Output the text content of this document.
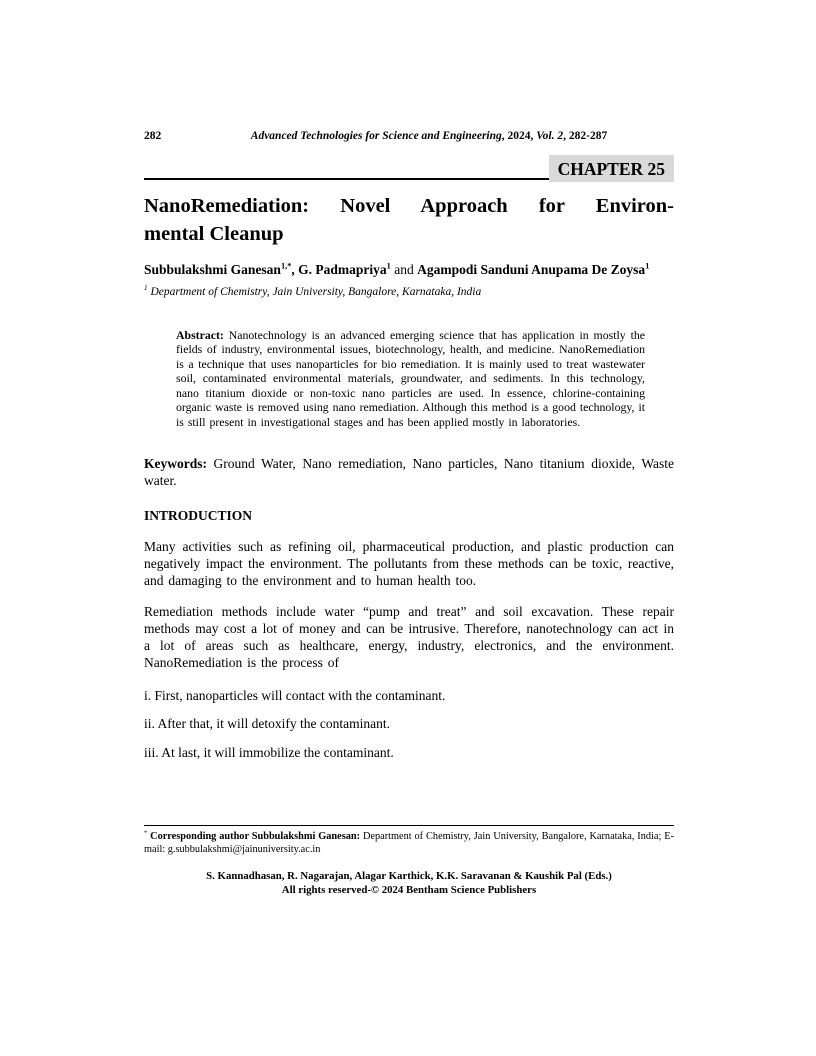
282	Advanced Technologies for Science and Engineering, 2024, Vol. 2, 282-287
CHAPTER 25
NanoRemediation: Novel Approach for Environ-
mental Cleanup
Subbulakshmi Ganesan$^{1,*}$, G. Padmapriya$^1$ and Agampodi Sanduni Anupama De Zoysa$^1$
$^1$ Department of Chemistry, Jain University, Bangalore, Karnataka, India
Abstract: Nanotechnology is an advanced emerging science that has application in mostly the fields of industry, environmental issues, biotechnology, health, and medicine. NanoRemediation is a technique that uses nanoparticles for bio remediation. It is mainly used to treat wastewater soil, contaminated environmental materials, groundwater, and sediments. In this technology, nano titanium dioxide or non-toxic nano particles are used. In essence, chlorine-containing organic waste is removed using nano remediation. Although this method is a good technology, it is still present in investigational stages and has been applied mostly in laboratories.
Keywords: Ground Water, Nano remediation, Nano particles, Nano titanium dioxide, Waste water.
INTRODUCTION
Many activities such as refining oil, pharmaceutical production, and plastic production can negatively impact the environment. The pollutants from these methods can be toxic, reactive, and damaging to the environment and to human health too.
Remediation methods include water “pump and treat” and soil excavation. These repair methods may cost a lot of money and can be intrusive. Therefore, nanotechnology can act in a lot of areas such as healthcare, energy, industry, electronics, and the environment. NanoRemediation is the process of
i. First, nanoparticles will contact with the contaminant.
ii. After that, it will detoxify the contaminant.
iii. At last, it will immobilize the contaminant.
* Corresponding author Subbulakshmi Ganesan: Department of Chemistry, Jain University, Bangalore, Karnataka, India; E-mail: g.subbulakshmi@jainuniversity.ac.in
S. Kannadhasan, R. Nagarajan, Alagar Karthick, K.K. Saravanan & Kaushik Pal (Eds.)
All rights reserved-© 2024 Bentham Science Publishers
